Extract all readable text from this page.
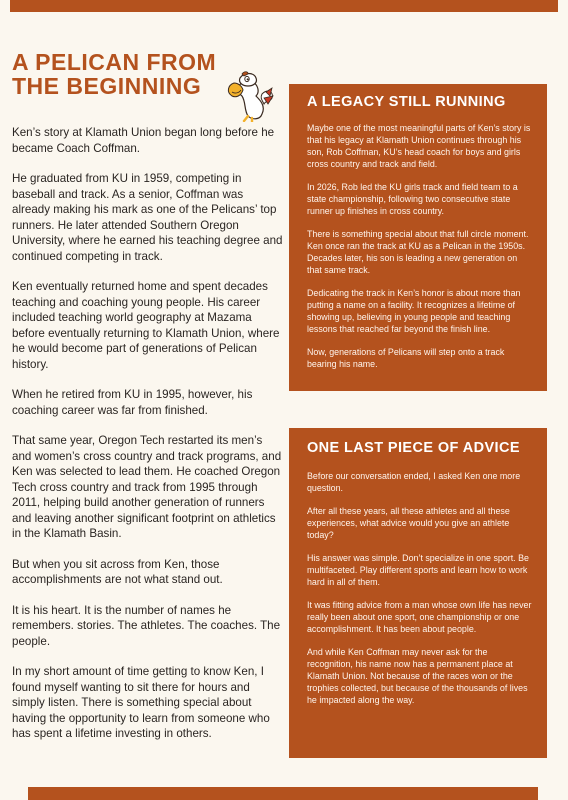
A PELICAN FROM
THE BEGINNING

Ken’s story at Klamath Union began long before he became Coach Coffman.

He graduated from KU in 1959, competing in baseball and track. As a senior, Coffman was already making his mark as one of the Pelicans’ top runners. He later attended Southern Oregon University, where he earned his teaching degree and continued competing in track.

Ken eventually returned home and spent decades teaching and coaching young people. His career included teaching world geography at Mazama before eventually returning to Klamath Union, where he would become part of generations of Pelican history.

When he retired from KU in 1995, however, his coaching career was far from finished.

That same year, Oregon Tech restarted its men’s and women’s cross country and track programs, and Ken was selected to lead them. He coached Oregon Tech cross country and track from 1995 through 2011, helping build another generation of runners and leaving another significant footprint on athletics in the Klamath Basin.

But when you sit across from Ken, those accomplishments are not what stand out.

It is his heart. It is the number of names he remembers. stories. The athletes. The coaches. The people.

In my short amount of time getting to know Ken, I found myself wanting to sit there for hours and simply listen. There is something special about having the opportunity to learn from someone who has spent a lifetime investing in others.

A LEGACY STILL RUNNING

Maybe one of the most meaningful parts of Ken’s story is that his legacy at Klamath Union continues through his son, Rob Coffman, KU’s head coach for boys and girls cross country and track and field.

In 2026, Rob led the KU girls track and field team to a state championship, following two consecutive state runner up finishes in cross country.

There is something special about that full circle moment. Ken once ran the track at KU as a Pelican in the 1950s. Decades later, his son is leading a new generation on that same track.

Dedicating the track in Ken’s honor is about more than putting a name on a facility. It recognizes a lifetime of showing up, believing in young people and teaching lessons that reached far beyond the finish line.

Now, generations of Pelicans will step onto a track bearing his name.

ONE LAST PIECE OF ADVICE

Before our conversation ended, I asked Ken one more question.

After all these years, all these athletes and all these experiences, what advice would you give an athlete today?

His answer was simple. Don’t specialize in one sport. Be multifaceted. Play different sports and learn how to work hard in all of them.

It was fitting advice from a man whose own life has never really been about one sport, one championship or one accomplishment. It has been about people.

And while Ken Coffman may never ask for the recognition, his name now has a permanent place at Klamath Union. Not because of the races won or the trophies collected, but because of the thousands of lives he impacted along the way.
